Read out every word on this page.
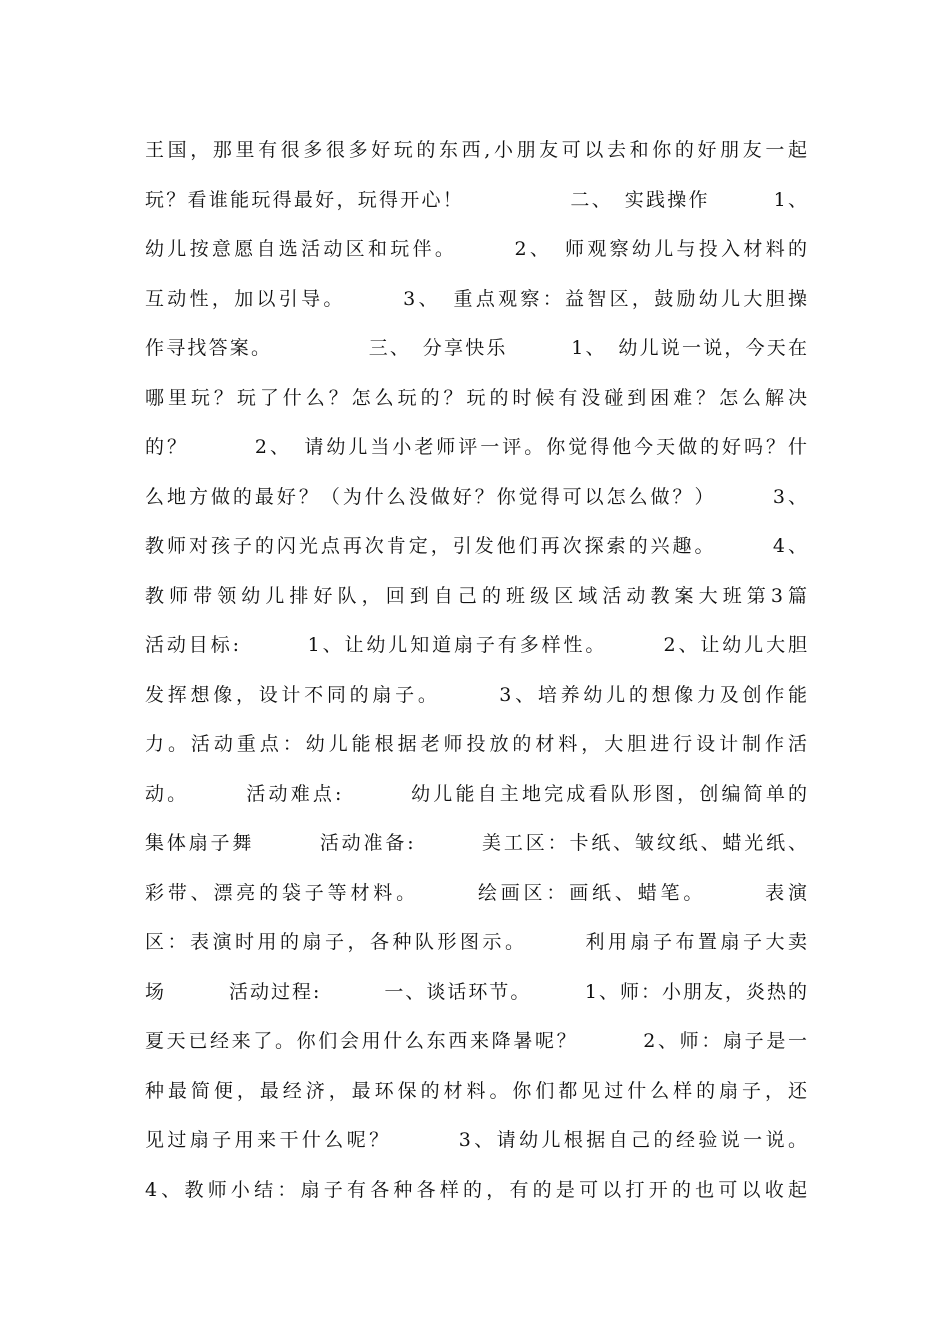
王国，那里有很多很多好玩的东西,小朋友可以去和你的好朋友一起
玩？看谁能玩得最好，玩得开心！　　　　　二、　实践操作　　　1、
幼儿按意愿自选活动区和玩伴。　　　2、　师观察幼儿与投入材料的
互动性，加以引导。　　　3、　重点观察：益智区，鼓励幼儿大胆操
作寻找答案。　　　　　三、　分享快乐　　　1、　幼儿说一说，今天在
哪里玩？玩了什么？怎么玩的？玩的时候有没碰到困难？怎么解决
的？　　　2、　请幼儿当小老师评一评。你觉得他今天做的好吗？什
么地方做的最好？（为什么没做好？你觉得可以怎么做？）　　　3、
教师对孩子的闪光点再次肯定，引发他们再次探索的兴趣。　　　4、
教师带领幼儿排好队，回到自己的班级区域活动教案大班第3篇
活动目标:　　　1、让幼儿知道扇子有多样性。　　　2、让幼儿大胆
发挥想像，设计不同的扇子。　　　3、培养幼儿的想像力及创作能
力。活动重点：幼儿能根据老师投放的材料，大胆进行设计制作活
动。　　　活动难点:　　　幼儿能自主地完成看队形图，创编简单的
集体扇子舞　　　活动准备:　　　美工区：卡纸、皱纹纸、蜡光纸、
彩带、漂亮的袋子等材料。　　　绘画区：画纸、蜡笔。　　　表演
区：表演时用的扇子，各种队形图示。　　　利用扇子布置扇子大卖
场　　　活动过程:　　　一、谈话环节。　　　1、师：小朋友，炎热的
夏天已经来了。你们会用什么东西来降暑呢？　　　2、师：扇子是一
种最简便，最经济，最环保的材料。你们都见过什么样的扇子，还
见过扇子用来干什么呢？　　　3、请幼儿根据自己的经验说一说。
4、教师小结：扇子有各种各样的，有的是可以打开的也可以收起
